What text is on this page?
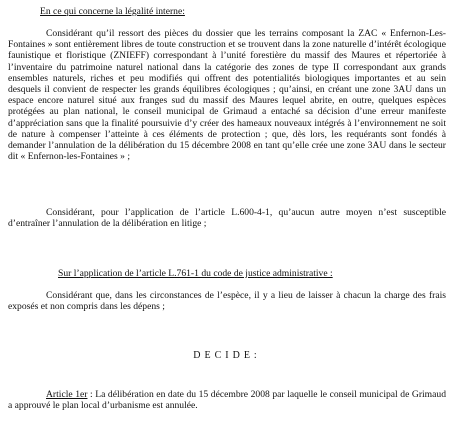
En ce qui concerne la légalité interne:

Considérant qu’il ressort des pièces du dossier que les terrains composant la ZAC « Enfernon-Les-Fontaines » sont entièrement libres de toute construction et se trouvent dans la zone naturelle d’intérêt écologique faunistique et floristique (ZNIEFF) correspondant à l’unité forestière du massif des Maures et répertoriée à l’inventaire du patrimoine naturel national dans la catégorie des zones de type II correspondant aux grands ensembles naturels, riches et peu modifiés qui offrent des potentialités biologiques importantes et au sein desquels il convient de respecter les grands équilibres écologiques ; qu’ainsi, en créant une zone 3AU dans un espace encore naturel situé aux franges sud du massif des Maures lequel abrite, en outre, quelques espèces protégées au plan national, le conseil municipal de Grimaud a entaché sa décision d’une erreur manifeste d’appréciation sans que la finalité poursuivie d’y créer des hameaux nouveaux intégrés à l’environnement ne soit de nature à compenser l’atteinte à ces éléments de protection ; que, dès lors, les requérants sont fondés à demander l’annulation de la délibération du 15 décembre 2008 en tant qu’elle crée une zone 3AU dans le secteur dit « Enfernon-les-Fontaines » ;

Considérant, pour l’application de l’article L.600-4-1, qu’aucun autre moyen n’est susceptible d’entraîner l’annulation de la délibération en litige ;

Sur l’application de l’article L.761-1 du code de justice administrative :

Considérant que, dans les circonstances de l’espèce, il y a lieu de laisser à chacun la charge des frais exposés et non compris dans les dépens ;

DECIDE:

Article 1er : La délibération en date du 15 décembre 2008 par laquelle le conseil municipal de Grimaud a approuvé le plan local d’urbanisme est annulée.
